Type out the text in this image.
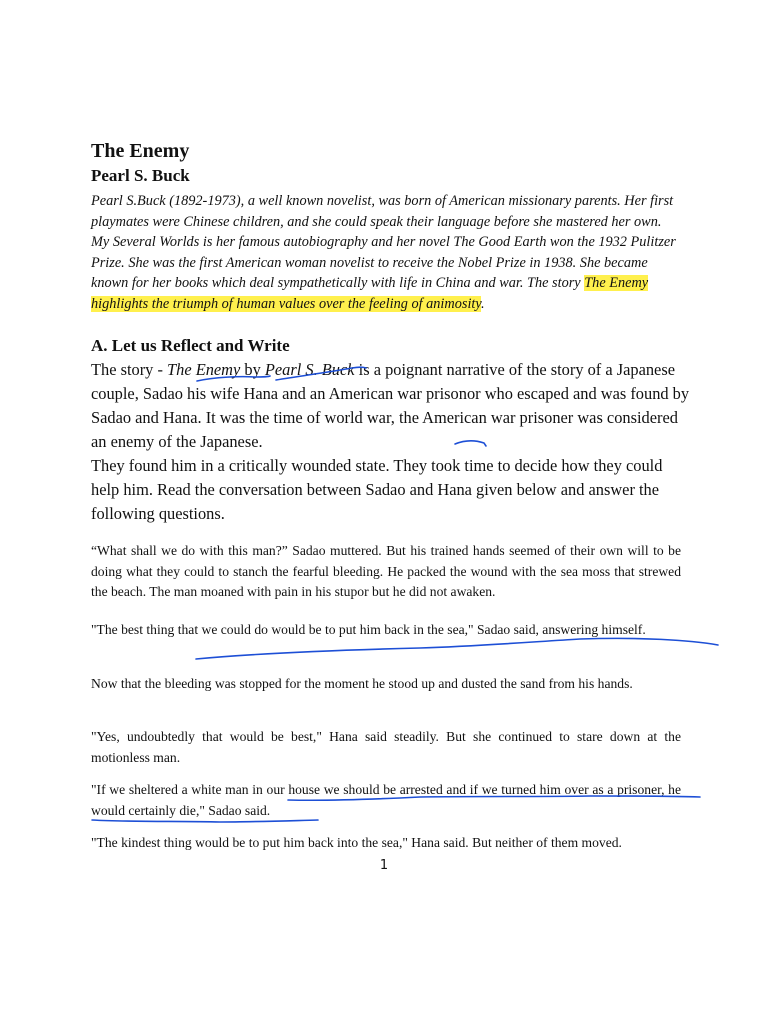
The Enemy
Pearl S. Buck

Pearl S.Buck (1892-1973), a well known novelist, was born of American missionary parents. Her first playmates were Chinese children, and she could speak their language before she mastered her own. My Several Worlds is her famous autobiography and her novel The Good Earth won the 1932 Pulitzer Prize. She was the first American woman novelist to receive the Nobel Prize in 1938. She became known for her books which deal sympathetically with life in China and war. The story The Enemy highlights the triumph of human values over the feeling of animosity.

A. Let us Reflect and Write

The story - The Enemy by Pearl S. Buck is a poignant narrative of the story of a Japanese couple, Sadao his wife Hana and an American war prisonor who escaped and was found by Sadao and Hana. It was the time of world war, the American war prisoner was considered an enemy of the Japanese.
They found him in a critically wounded state. They took time to decide how they could help him. Read the conversation between Sadao and Hana given below and answer the following questions.

“What shall we do with this man?” Sadao muttered. But his trained hands seemed of their own will to be doing what they could to stanch the fearful bleeding. He packed the wound with the sea moss that strewed the beach. The man moaned with pain in his stupor but he did not awaken.

"The best thing that we could do would be to put him back in the sea," Sadao said, answering himself.

Now that the bleeding was stopped for the moment he stood up and dusted the sand from his hands.

"Yes, undoubtedly that would be best," Hana said steadily. But she continued to stare down at the motionless man.

"If we sheltered a white man in our house we should be arrested and if we turned him over as a prisoner, he would certainly die," Sadao said.

"The kindest thing would be to put him back into the sea," Hana said. But neither of them moved.

1
